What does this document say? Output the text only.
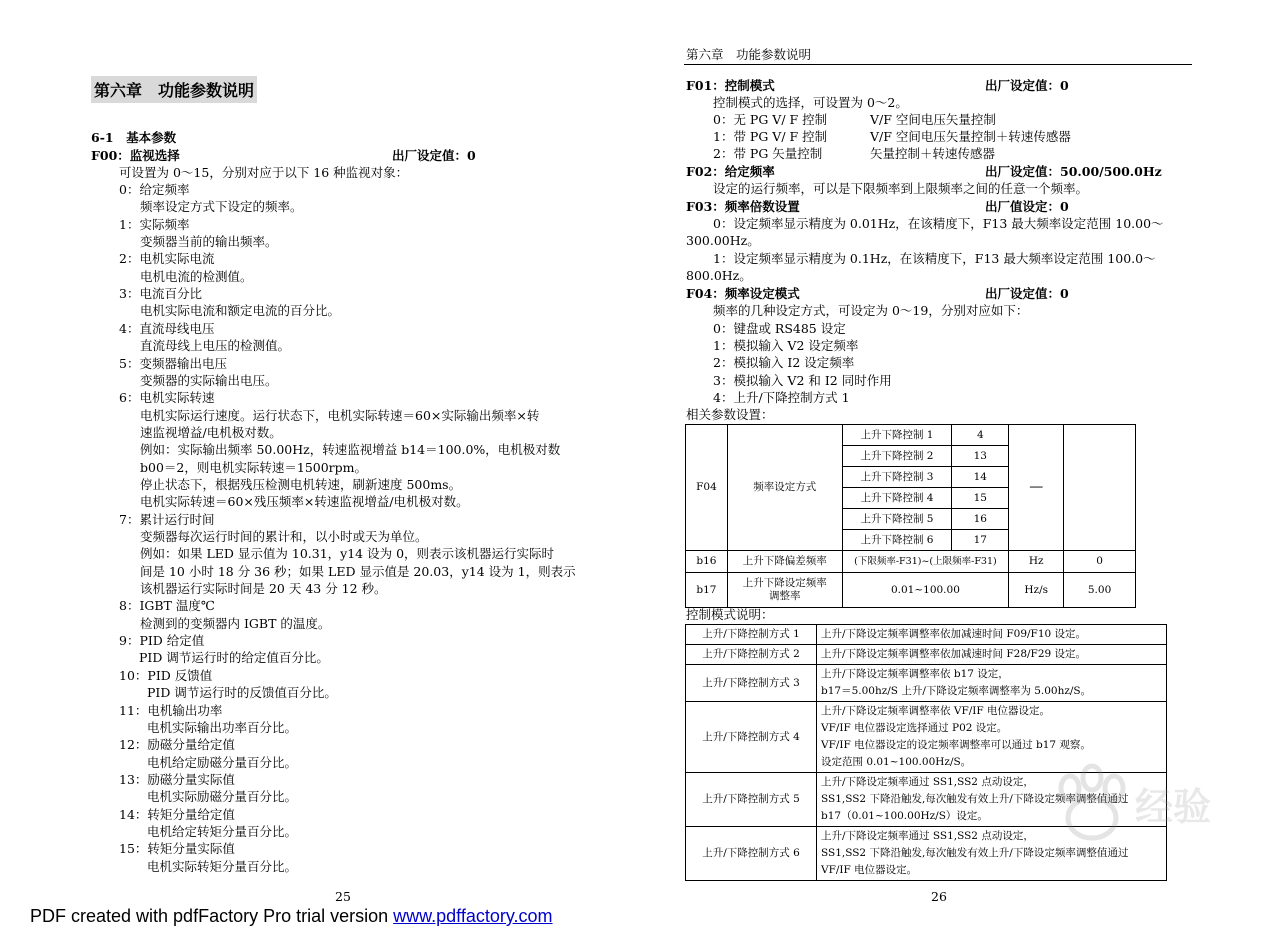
第六章　功能参数说明
6-1　基本参数
F00：监视选择	出厂设定值：0
可设置为 0～15，分别对应于以下 16 种监视对象：
0：给定频率
频率设定方式下设定的频率。
1：实际频率
变频器当前的输出频率。
2：电机实际电流
电机电流的检测值。
3：电流百分比
电机实际电流和额定电流的百分比。
4：直流母线电压
直流母线上电压的检测值。
5：变频器输出电压
变频器的实际输出电压。
6：电机实际转速
电机实际运行速度。运行状态下，电机实际转速＝60×实际输出频率×转
速监视增益/电机极对数。
例如：实际输出频率 50.00Hz，转速监视增益 b14＝100.0%，电机极对数
b00＝2，则电机实际转速＝1500rpm。
停止状态下，根据残压检测电机转速，刷新速度 500ms。
电机实际转速＝60×残压频率×转速监视增益/电机极对数。
7：累计运行时间
变频器每次运行时间的累计和，以小时或天为单位。
例如：如果 LED 显示值为 10.31，y14 设为 0，则表示该机器运行实际时
间是 10 小时 18 分 36 秒；如果 LED 显示值是 20.03，y14 设为 1，则表示
该机器运行实际时间是 20 天 43 分 12 秒。
8：IGBT 温度℃
检测到的变频器内 IGBT 的温度。
9：PID 给定值
PID 调节运行时的给定值百分比。
10：PID 反馈值
PID 调节运行时的反馈值百分比。
11：电机输出功率
电机实际输出功率百分比。
12：励磁分量给定值
电机给定励磁分量百分比。
13：励磁分量实际值
电机实际励磁分量百分比。
14：转矩分量给定值
电机给定转矩分量百分比。
15：转矩分量实际值
电机实际转矩分量百分比。
25
第六章　功能参数说明
F01：控制模式	出厂设定值：0
控制模式的选择，可设置为 0～2。
0：无 PG V/ F 控制	V/F 空间电压矢量控制
1：带 PG V/ F 控制	V/F 空间电压矢量控制＋转速传感器
2：带 PG 矢量控制	矢量控制＋转速传感器
F02：给定频率	出厂设定值：50.00/500.0Hz
设定的运行频率，可以是下限频率到上限频率之间的任意一个频率。
F03：频率倍数设置	出厂值设定：0
0：设定频率显示精度为 0.01Hz，在该精度下，F13 最大频率设定范围 10.00～
300.00Hz。
1：设定频率显示精度为 0.1Hz，在该精度下，F13 最大频率设定范围 100.0～
800.0Hz。
F04：频率设定模式	出厂设定值：0
频率的几种设定方式，可设定为 0～19，分别对应如下：
0：键盘或 RS485 设定
1：模拟输入 V2 设定频率
2：模拟输入 I2 设定频率
3：模拟输入 V2 和 I2 同时作用
4：上升/下降控制方式 1
相关参数设置：
F04	频率设定方式	上升下降控制 1	4	—	
		上升下降控制 2	13		
		上升下降控制 3	14		
		上升下降控制 4	15		
		上升下降控制 5	16		
		上升下降控制 6	17		
b16	上升下降偏差频率	(下限频率-F31)~(上限频率-F31)		Hz	0
b17	上升下降设定频率调整率	0.01~100.00		Hz/s	5.00
控制模式说明：
上升/下降控制方式 1	上升/下降设定频率调整率依加减速时间 F09/F10 设定。

上升/下降控制方式 2	上升/下降设定频率调整率依加减速时间 F28/F29 设定。

上升/下降控制方式 3	上升/下降设定频率调整率依 b17 设定，
b17＝5.00hz/S 上升/下降设定频率调整率为 5.00hz/S。

上升/下降控制方式 4	上升/下降设定频率调整率依 VF/IF 电位器设定。
VF/IF 电位器设定选择通过 P02 设定。
VF/IF 电位器设定的设定频率调整率可以通过 b17 观察。
设定范围 0.01~100.00Hz/S。

上升/下降控制方式 5	上升/下降设定频率通过 SS1,SS2 点动设定，
SS1,SS2 下降沿触发,每次触发有效上升/下降设定频率调整值通过
b17（0.01~100.00Hz/S）设定。

上升/下降控制方式 6	上升/下降设定频率通过 SS1,SS2 点动设定，
SS1,SS2 下降沿触发,每次触发有效上升/下降设定频率调整值通过
VF/IF 电位器设定。
26
经验
PDF created with pdfFactory Pro trial version www.pdffactory.com
